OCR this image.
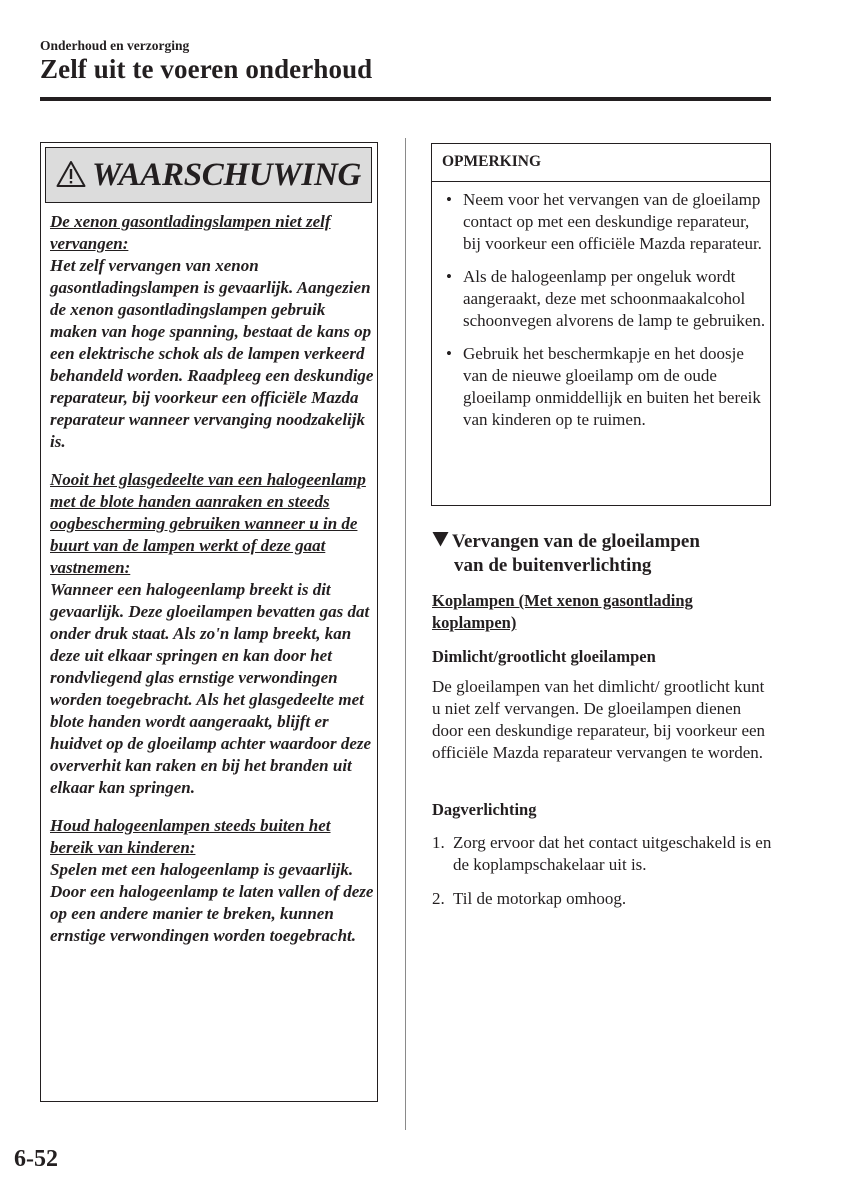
Onderhoud en verzorging
Zelf uit te voeren onderhoud
WAARSCHUWING
De xenon gasontladingslampen niet zelf vervangen:
Het zelf vervangen van xenon gasontladingslampen is gevaarlijk. Aangezien de xenon gasontladingslampen gebruik maken van hoge spanning, bestaat de kans op een elektrische schok als de lampen verkeerd behandeld worden. Raadpleeg een deskundige reparateur, bij voorkeur een officiële Mazda reparateur wanneer vervanging noodzakelijk is.
Nooit het glasgedeelte van een halogeenlamp met de blote handen aanraken en steeds oogbescherming gebruiken wanneer u in de buurt van de lampen werkt of deze gaat vastnemen:
Wanneer een halogeenlamp breekt is dit gevaarlijk. Deze gloeilampen bevatten gas dat onder druk staat. Als zo'n lamp breekt, kan deze uit elkaar springen en kan door het rondvliegend glas ernstige verwondingen worden toegebracht. Als het glasgedeelte met blote handen wordt aangeraakt, blijft er huidvet op de gloeilamp achter waardoor deze oververhit kan raken en bij het branden uit elkaar kan springen.
Houd halogeenlampen steeds buiten het bereik van kinderen:
Spelen met een halogeenlamp is gevaarlijk. Door een halogeenlamp te laten vallen of deze op een andere manier te breken, kunnen ernstige verwondingen worden toegebracht.
OPMERKING
• Neem voor het vervangen van de gloeilamp contact op met een deskundige reparateur, bij voorkeur een officiële Mazda reparateur.
• Als de halogeenlamp per ongeluk wordt aangeraakt, deze met schoonmaakalcohol schoonvegen alvorens de lamp te gebruiken.
• Gebruik het beschermkapje en het doosje van de nieuwe gloeilamp om de oude gloeilamp onmiddellijk en buiten het bereik van kinderen op te ruimen.
Vervangen van de gloeilampen
van de buitenverlichting
Koplampen (Met xenon gasontlading koplampen)
Dimlicht/grootlicht gloeilampen
De gloeilampen van het dimlicht/ grootlicht kunt u niet zelf vervangen. De gloeilampen dienen door een deskundige reparateur, bij voorkeur een officiële Mazda reparateur vervangen te worden.
Dagverlichting
1. Zorg ervoor dat het contact uitgeschakeld is en de koplampschakelaar uit is.
2. Til de motorkap omhoog.
6-52
